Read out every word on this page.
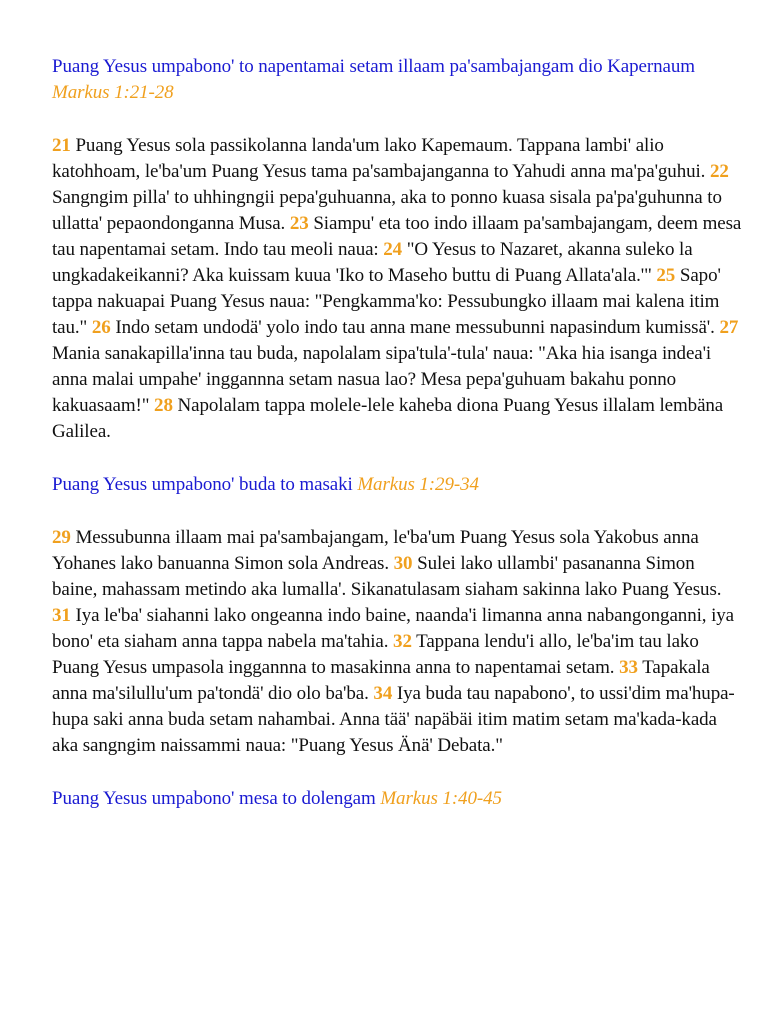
Puang Yesus umpabono' to napentamai setam illaam pa'sambajangam dio Kapernaum Markus 1:21-28

21 Puang Yesus sola passikolanna landa'um lako Kapemaum. Tappana lambi' alio katohhoam, le'ba'um Puang Yesus tama pa'sambajanganna to Yahudi anna ma'pa'guhui. 22 Sangngim pilla' to uhhingngii pepa'guhuanna, aka to ponno kuasa sisala pa'pa'guhunna to ullatta' pepaondonganna Musa. 23 Siampu' eta too indo illaam pa'sambajangam, deem mesa tau napentamai setam. Indo tau meoli naua: 24 "O Yesus to Nazaret, akanna suleko la ungkadakeikanni? Aka kuissam kuua 'Iko to Maseho buttu di Puang Allata'ala.'" 25 Sapo' tappa nakuapai Puang Yesus naua: "Pengkamma'ko: Pessubungko illaam mai kalena itim tau." 26 Indo setam undodä' yolo indo tau anna mane messubunni napasindum kumissä'. 27 Mania sanakapilla'inna tau buda, napolalam sipa'tula'-tula' naua: "Aka hia isanga indea'i anna malai umpahe' inggannna setam nasua lao? Mesa pepa'guhuam bakahu ponno kakuasaam!" 28 Napolalam tappa molele-lele kaheba diona Puang Yesus illalam lembäna Galilea.

Puang Yesus umpabono' buda to masaki Markus 1:29-34

29 Messubunna illaam mai pa'sambajangam, le'ba'um Puang Yesus sola Yakobus anna Yohanes lako banuanna Simon sola Andreas. 30 Sulei lako ullambi' pasananna Simon baine, mahassam metindo aka lumalla'. Sikanatulasam siaham sakinna lako Puang Yesus. 31 Iya le'ba' siahanni lako ongeanna indo baine, naanda'i limanna anna nabangonganni, iya bono' eta siaham anna tappa nabela ma'tahia. 32 Tappana lendu'i allo, le'ba'im tau lako Puang Yesus umpasola inggannna to masakinna anna to napentamai setam. 33 Tapakala anna ma'silullu'um pa'tondä' dio olo ba'ba. 34 Iya buda tau napabono', to ussi'dim ma'hupa-hupa saki anna buda setam nahambai. Anna tää' napäbäi itim matim setam ma'kada-kada aka sangngim naissammi naua: "Puang Yesus Änä' Debata."

Puang Yesus umpabono' mesa to dolengam Markus 1:40-45
